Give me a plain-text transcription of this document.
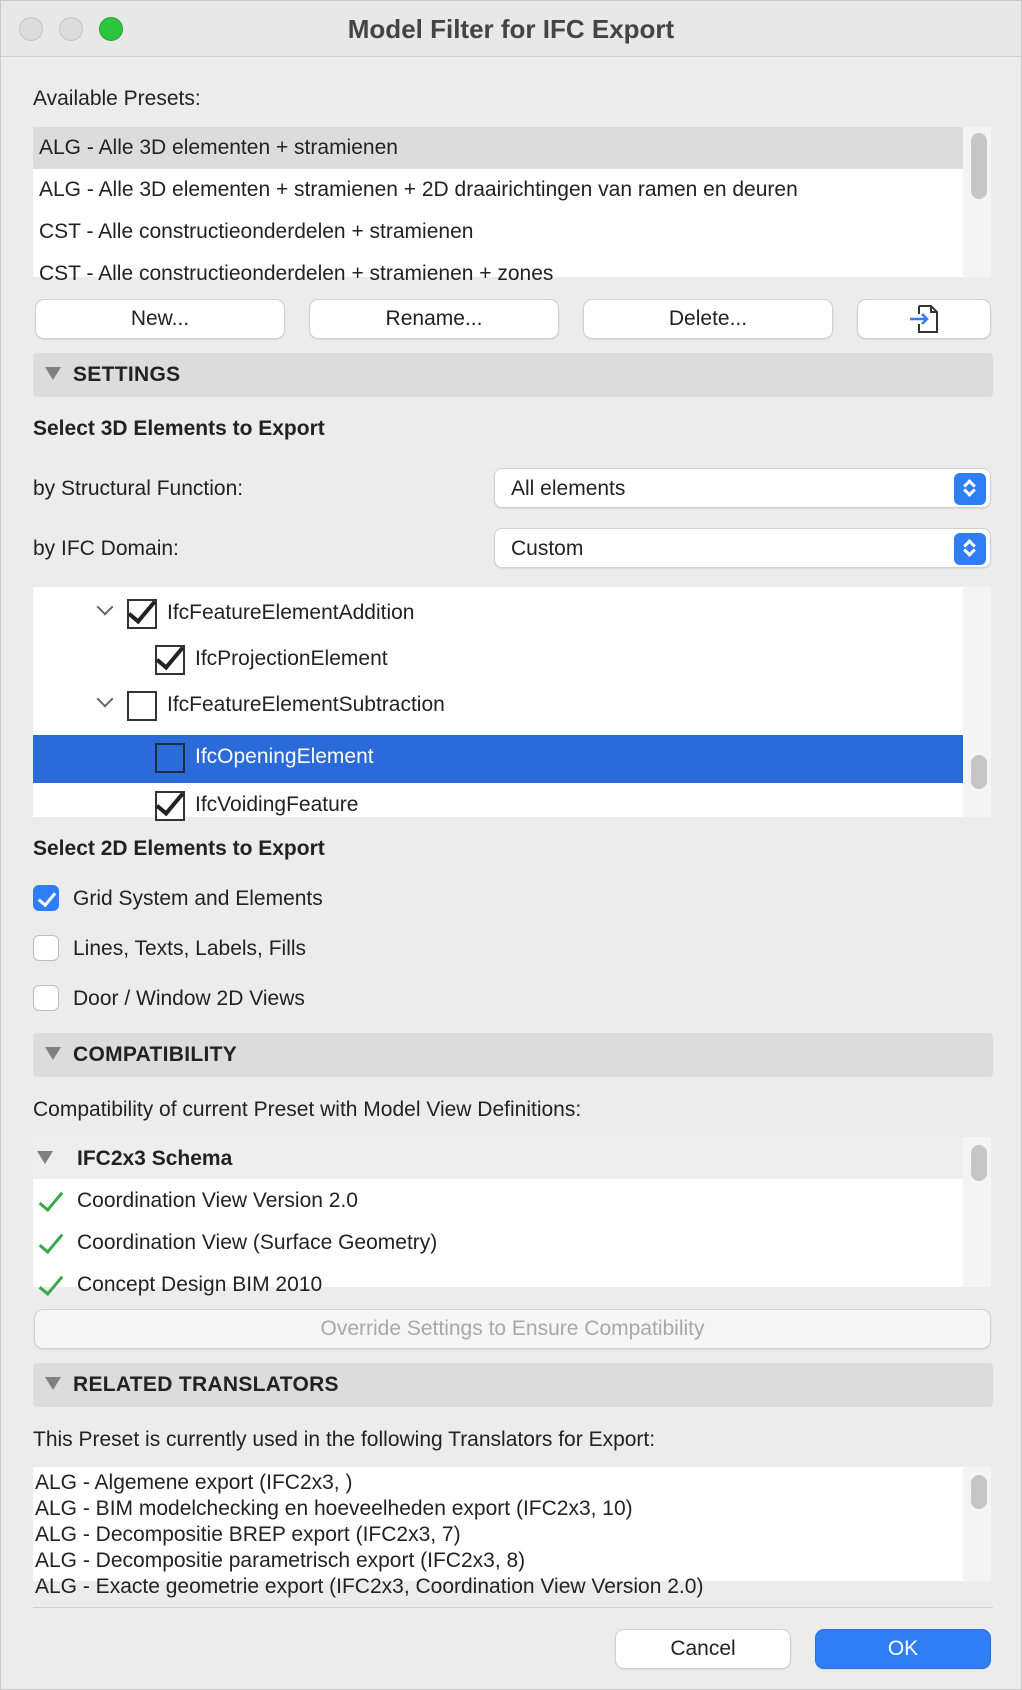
Model Filter for IFC Export
Available Presets:
ALG - Alle 3D elementen + stramienen
ALG - Alle 3D elementen + stramienen + 2D draairichtingen van ramen en deuren
CST - Alle constructieonderdelen + stramienen
CST - Alle constructieonderdelen + stramienen + zones
New...	Rename...	Delete...
SETTINGS
Select 3D Elements to Export
by Structural Function:	All elements
by IFC Domain:	Custom
IfcFeatureElementAddition
IfcProjectionElement
IfcFeatureElementSubtraction
IfcOpeningElement
IfcVoidingFeature
Select 2D Elements to Export
Grid System and Elements
Lines, Texts, Labels, Fills
Door / Window 2D Views
COMPATIBILITY
Compatibility of current Preset with Model View Definitions:
IFC2x3 Schema
Coordination View Version 2.0
Coordination View (Surface Geometry)
Concept Design BIM 2010
Override Settings to Ensure Compatibility
RELATED TRANSLATORS
This Preset is currently used in the following Translators for Export:
ALG - Algemene export (IFC2x3, )
ALG - BIM modelchecking en hoeveelheden export (IFC2x3, 10)
ALG - Decompositie BREP export (IFC2x3, 7)
ALG - Decompositie parametrisch export (IFC2x3, 8)
ALG - Exacte geometrie export (IFC2x3, Coordination View Version 2.0)
Cancel	OK
